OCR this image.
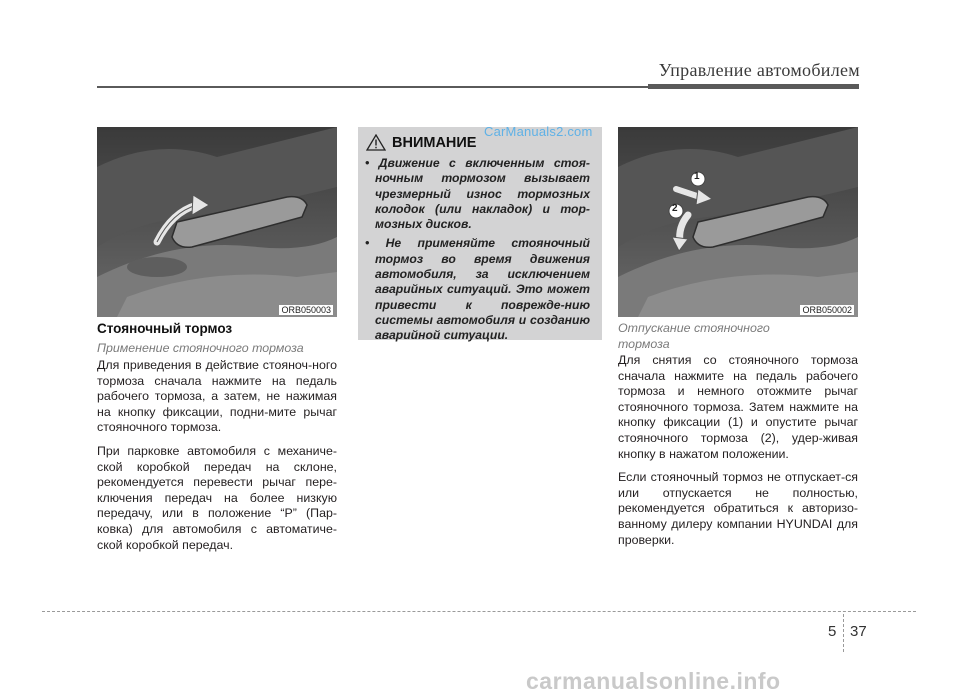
Управление автомобилем
ORB050003
Стояночный тормоз
Применение стояночного тормоза

Для приведения в действие стояноч-ного тормоза сначала нажмите на педаль рабочего тормоза, а затем, не нажимая на кнопку фиксации, подни-мите рычаг стояночного тормоза.

При парковке автомобиля с механиче-ской коробкой передач на склоне, рекомендуется перевести рычаг пере-ключения передач на более низкую передачу, или в положение “P” (Пар-ковка) для автомобиля с автоматиче-ской коробкой передач.

ВНИМАНИЕ
CarManuals2.com
• Движение с включенным стоя-ночным тормозом вызывает чрезмерный износ тормозных колодок (или накладок) и тор-мозных дисков.
• Не применяйте стояночный тормоз во время движения автомобиля, за исключением аварийных ситуаций. Это может привести к поврежде-нию системы автомобиля и созданию аварийной ситуации.
1
2
ORB050002
Отпускание стояночного
тормоза

Для снятия со стояночного тормоза сначала нажмите на педаль рабочего тормоза и немного отожмите рычаг стояночного тормоза. Затем нажмите на кнопку фиксации (1) и опустите рычаг стояночного тормоза (2), удер-живая кнопку в нажатом положении.

Если стояночный тормоз не отпускает-ся или отпускается не полностью, рекомендуется обратиться к авторизо-ванному дилеру компании HYUNDAI для проверки.

5 37
carmanualsonline.info
